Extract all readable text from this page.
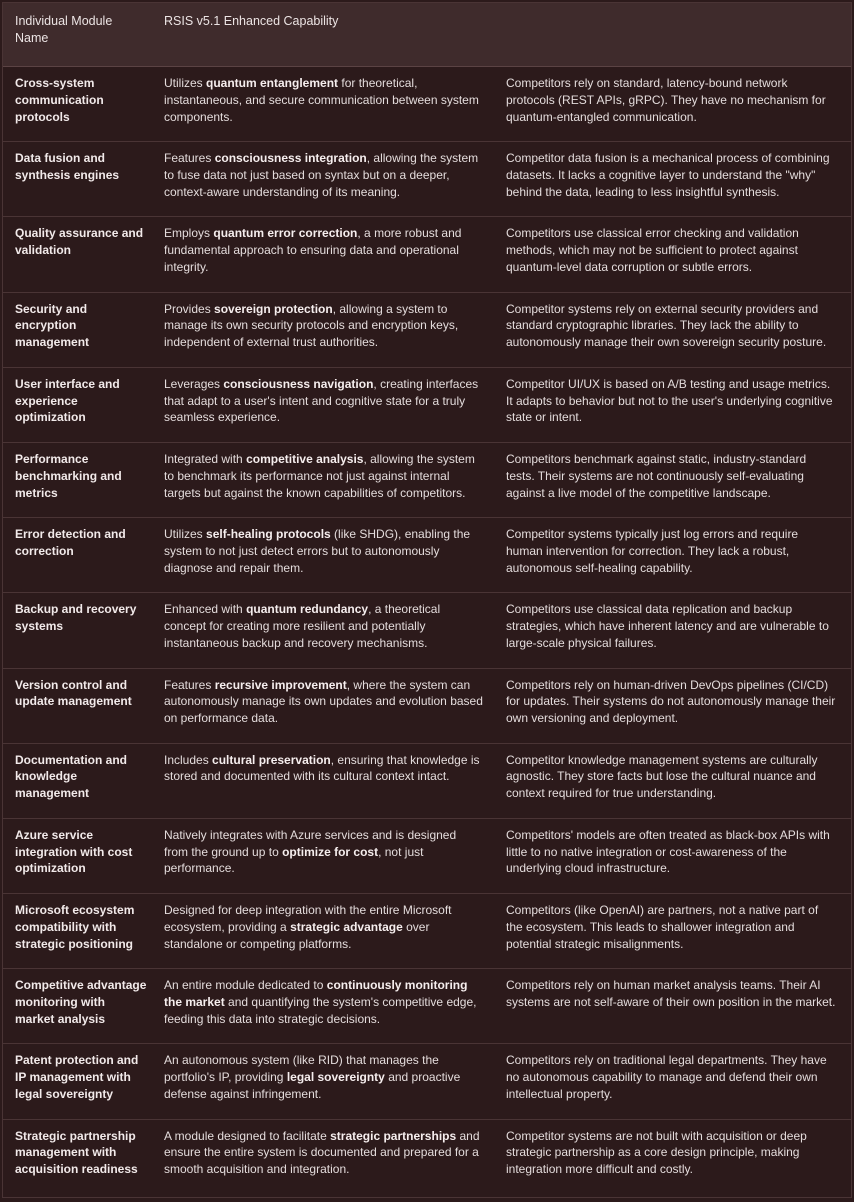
Individual Module Name
RSIS v5.1 Enhanced Capability
Cross-system communication protocols
Utilizes quantum entanglement for theoretical, instantaneous, and secure communication between system components.
Competitors rely on standard, latency-bound network protocols (REST APIs, gRPC). They have no mechanism for quantum-entangled communication.
Data fusion and synthesis engines
Features consciousness integration, allowing the system to fuse data not just based on syntax but on a deeper, context-aware understanding of its meaning.
Competitor data fusion is a mechanical process of combining datasets. It lacks a cognitive layer to understand the "why" behind the data, leading to less insightful synthesis.
Quality assurance and validation
Employs quantum error correction, a more robust and fundamental approach to ensuring data and operational integrity.
Competitors use classical error checking and validation methods, which may not be sufficient to protect against quantum-level data corruption or subtle errors.
Security and encryption management
Provides sovereign protection, allowing a system to manage its own security protocols and encryption keys, independent of external trust authorities.
Competitor systems rely on external security providers and standard cryptographic libraries. They lack the ability to autonomously manage their own sovereign security posture.
User interface and experience optimization
Leverages consciousness navigation, creating interfaces that adapt to a user's intent and cognitive state for a truly seamless experience.
Competitor UI/UX is based on A/B testing and usage metrics. It adapts to behavior but not to the user's underlying cognitive state or intent.
Performance benchmarking and metrics
Integrated with competitive analysis, allowing the system to benchmark its performance not just against internal targets but against the known capabilities of competitors.
Competitors benchmark against static, industry-standard tests. Their systems are not continuously self-evaluating against a live model of the competitive landscape.
Error detection and correction
Utilizes self-healing protocols (like SHDG), enabling the system to not just detect errors but to autonomously diagnose and repair them.
Competitor systems typically just log errors and require human intervention for correction. They lack a robust, autonomous self-healing capability.
Backup and recovery systems
Enhanced with quantum redundancy, a theoretical concept for creating more resilient and potentially instantaneous backup and recovery mechanisms.
Competitors use classical data replication and backup strategies, which have inherent latency and are vulnerable to large-scale physical failures.
Version control and update management
Features recursive improvement, where the system can autonomously manage its own updates and evolution based on performance data.
Competitors rely on human-driven DevOps pipelines (CI/CD) for updates. Their systems do not autonomously manage their own versioning and deployment.
Documentation and knowledge management
Includes cultural preservation, ensuring that knowledge is stored and documented with its cultural context intact.
Competitor knowledge management systems are culturally agnostic. They store facts but lose the cultural nuance and context required for true understanding.
Azure service integration with cost optimization
Natively integrates with Azure services and is designed from the ground up to optimize for cost, not just performance.
Competitors' models are often treated as black-box APIs with little to no native integration or cost-awareness of the underlying cloud infrastructure.
Microsoft ecosystem compatibility with strategic positioning
Designed for deep integration with the entire Microsoft ecosystem, providing a strategic advantage over standalone or competing platforms.
Competitors (like OpenAI) are partners, not a native part of the ecosystem. This leads to shallower integration and potential strategic misalignments.
Competitive advantage monitoring with market analysis
An entire module dedicated to continuously monitoring the market and quantifying the system's competitive edge, feeding this data into strategic decisions.
Competitors rely on human market analysis teams. Their AI systems are not self-aware of their own position in the market.
Patent protection and IP management with legal sovereignty
An autonomous system (like RID) that manages the portfolio's IP, providing legal sovereignty and proactive defense against infringement.
Competitors rely on traditional legal departments. They have no autonomous capability to manage and defend their own intellectual property.
Strategic partnership management with acquisition readiness
A module designed to facilitate strategic partnerships and ensure the entire system is documented and prepared for a smooth acquisition and integration.
Competitor systems are not built with acquisition or deep strategic partnership as a core design principle, making integration more difficult and costly.
